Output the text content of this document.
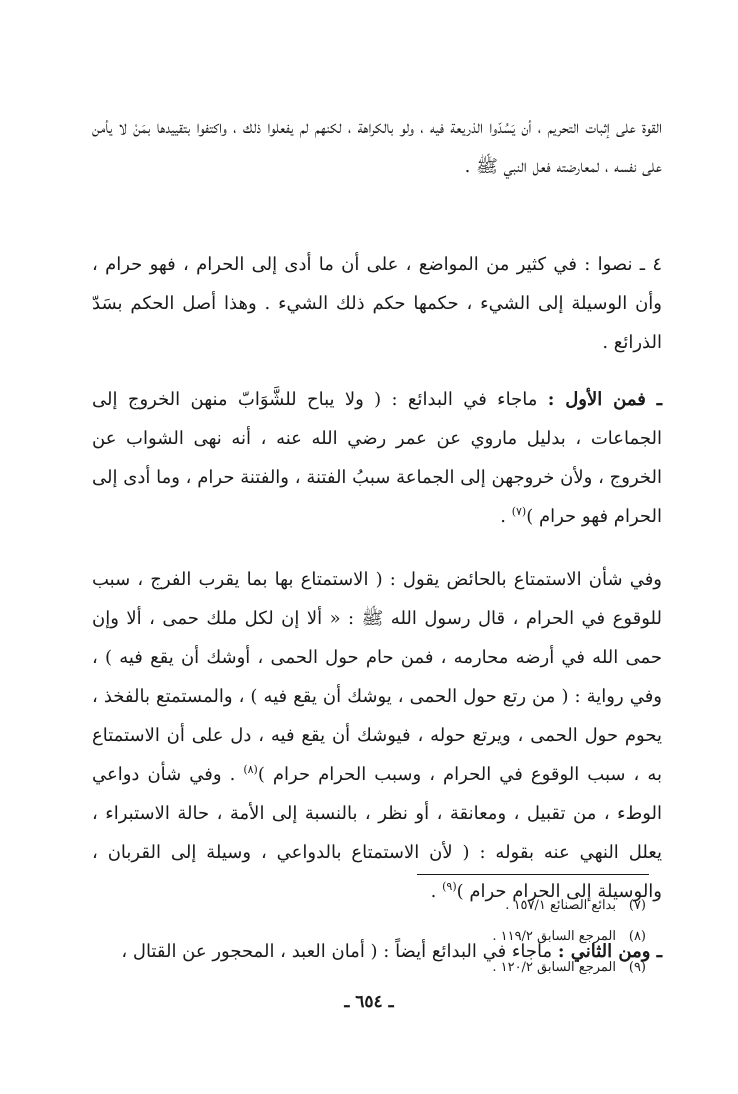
القوة على إثبات التحريم ، أن يَسُدّوا الذريعة فيه ، ولو بالكراهة ، لكنهم لم يفعلوا ذلك ، واكتفوا بتقييدها بمَنْ لا يأمن على نفسه ، لمعارضته فعل النبي ﷺ .

٤ ـ نصوا : في كثير من المواضع ، على أن ما أدى إلى الحرام ، فهو حرام ، وأن الوسيلة إلى الشيء ، حكمها حكم ذلك الشيء . وهذا أصل الحكم بسَدّ الذرائع .

ـ فمن الأول : ماجاء في البدائع : ( ولا يباح للشَّوَابّ منهن الخروج إلى الجماعات ، بدليل ماروي عن عمر رضي الله عنه ، أنه نهى الشواب عن الخروج ، ولأن خروجهن إلى الجماعة سببُ الفتنة ، والفتنة حرام ، وما أدى إلى الحرام فهو حرام )$^{(٧)}$ .

وفي شأن الاستمتاع بالحائض يقول : ( الاستمتاع بها بما يقرب الفرج ، سبب للوقوع في الحرام ، قال رسول الله ﷺ : « ألا إن لكل ملك حمى ، ألا وإن حمى الله في أرضه محارمه ، فمن حام حول الحمى ، أوشك أن يقع فيه ) ، وفي رواية : ( من رتع حول الحمى ، يوشك أن يقع فيه ) ، والمستمتع بالفخذ ، يحوم حول الحمى ، ويرتع حوله ، فيوشك أن يقع فيه ، دل على أن الاستمتاع به ، سبب الوقوع في الحرام ، وسبب الحرام حرام )$^{(٨)}$ . وفي شأن دواعي الوطء ، من تقبيل ، ومعانقة ، أو نظر ، بالنسبة إلى الأمة ، حالة الاستبراء ، يعلل النهي عنه بقوله : ( لأن الاستمتاع بالدواعي ، وسيلة إلى القربان ، والوسيلة إلى الحرام حرام )$^{(٩)}$ .

ـ ومن الثاني : ماجاء في البدائع أيضاً : ( أمان العبد ، المحجور عن القتال ،

(٧)
بدائع الصنائع ١٥٧/١ .
(٨)
المرجع السابق ١١٩/٢ .
(٩)
المرجع السابق ١٢٠/٢ .
ـ ٦٥٤ ـ
